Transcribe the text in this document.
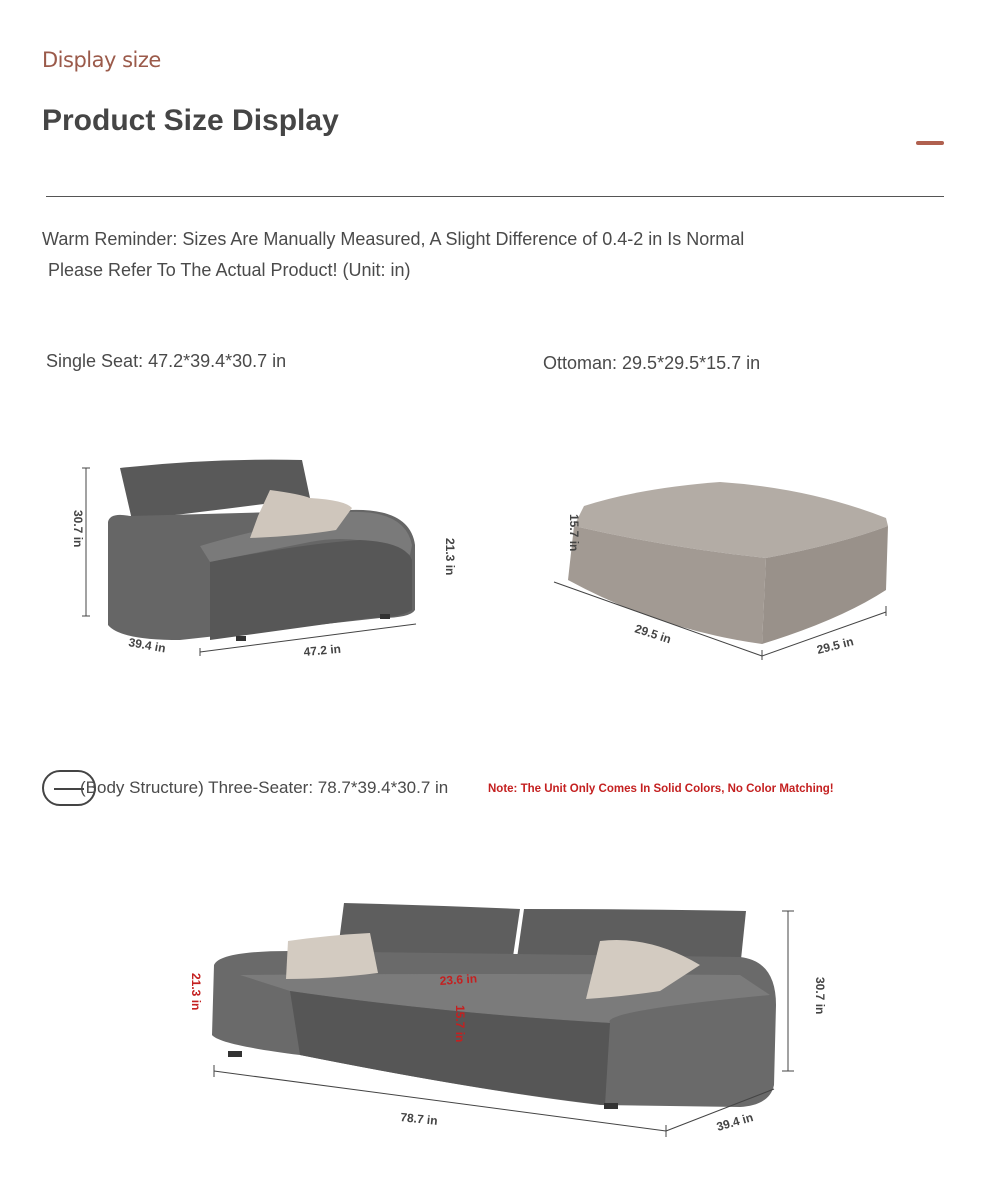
Display size
Product Size Display
Warm Reminder: Sizes Are Manually Measured, A Slight Difference of 0.4-2 in Is Normal
Please Refer To The Actual Product! (Unit: in)
Single Seat: 47.2*39.4*30.7 in	Ottoman: 29.5*29.5*15.7 in
30.7 in
21.3 in
39.4 in	47.2 in
15.7 in
29.5 in	29.5 in
(Body Structure) Three-Seater: 78.7*39.4*30.7 in	Note: The Unit Only Comes In Solid Colors, No Color Matching!
21.3 in	23.6 in
15.7 in
30.7 in
78.7 in	39.4 in
